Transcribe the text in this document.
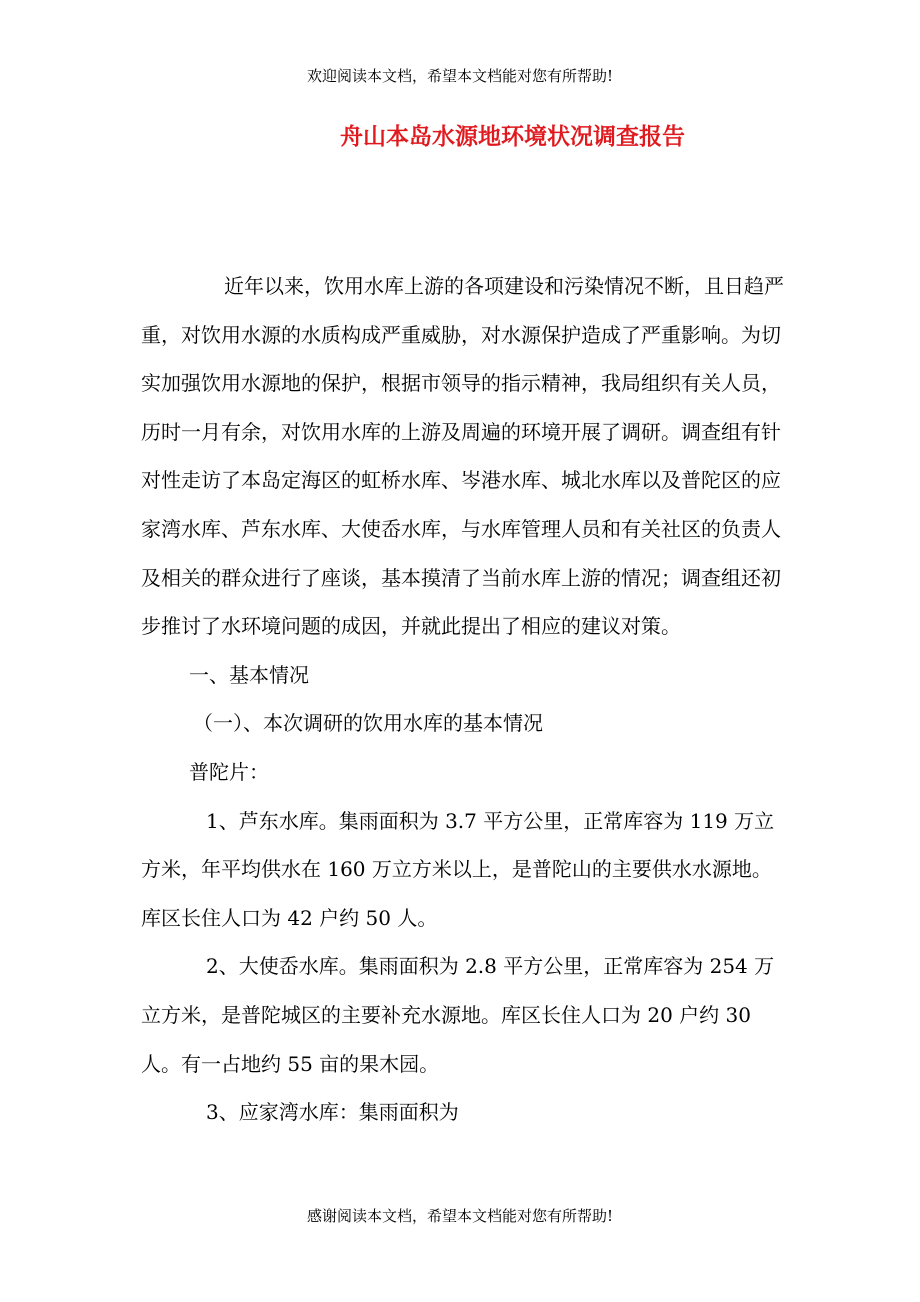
欢迎阅读本文档，希望本文档能对您有所帮助!
舟山本岛水源地环境状况调查报告

近年以来，饮用水库上游的各项建设和污染情况不断，且日趋严重，对饮用水源的水质构成严重威胁，对水源保护造成了严重影响。为切实加强饮用水源地的保护，根据市领导的指示精神，我局组织有关人员，历时一月有余，对饮用水库的上游及周遍的环境开展了调研。调查组有针对性走访了本岛定海区的虹桥水库、岑港水库、城北水库以及普陀区的应家湾水库、芦东水库、大使岙水库，与水库管理人员和有关社区的负责人及相关的群众进行了座谈，基本摸清了当前水库上游的情况；调查组还初步推讨了水环境问题的成因，并就此提出了相应的建议对策。

一、基本情况

（一）、本次调研的饮用水库的基本情况

普陀片：

1、芦东水库。集雨面积为 3.7 平方公里，正常库容为 119 万立方米，年平均供水在 160 万立方米以上，是普陀山的主要供水水源地。库区长住人口为 42 户约 50 人。

2、大使岙水库。集雨面积为 2.8 平方公里，正常库容为 254 万立方米，是普陀城区的主要补充水源地。库区长住人口为 20 户约 30 人。有一占地约 55 亩的果木园。

3、应家湾水库：集雨面积为

感谢阅读本文档，希望本文档能对您有所帮助!
